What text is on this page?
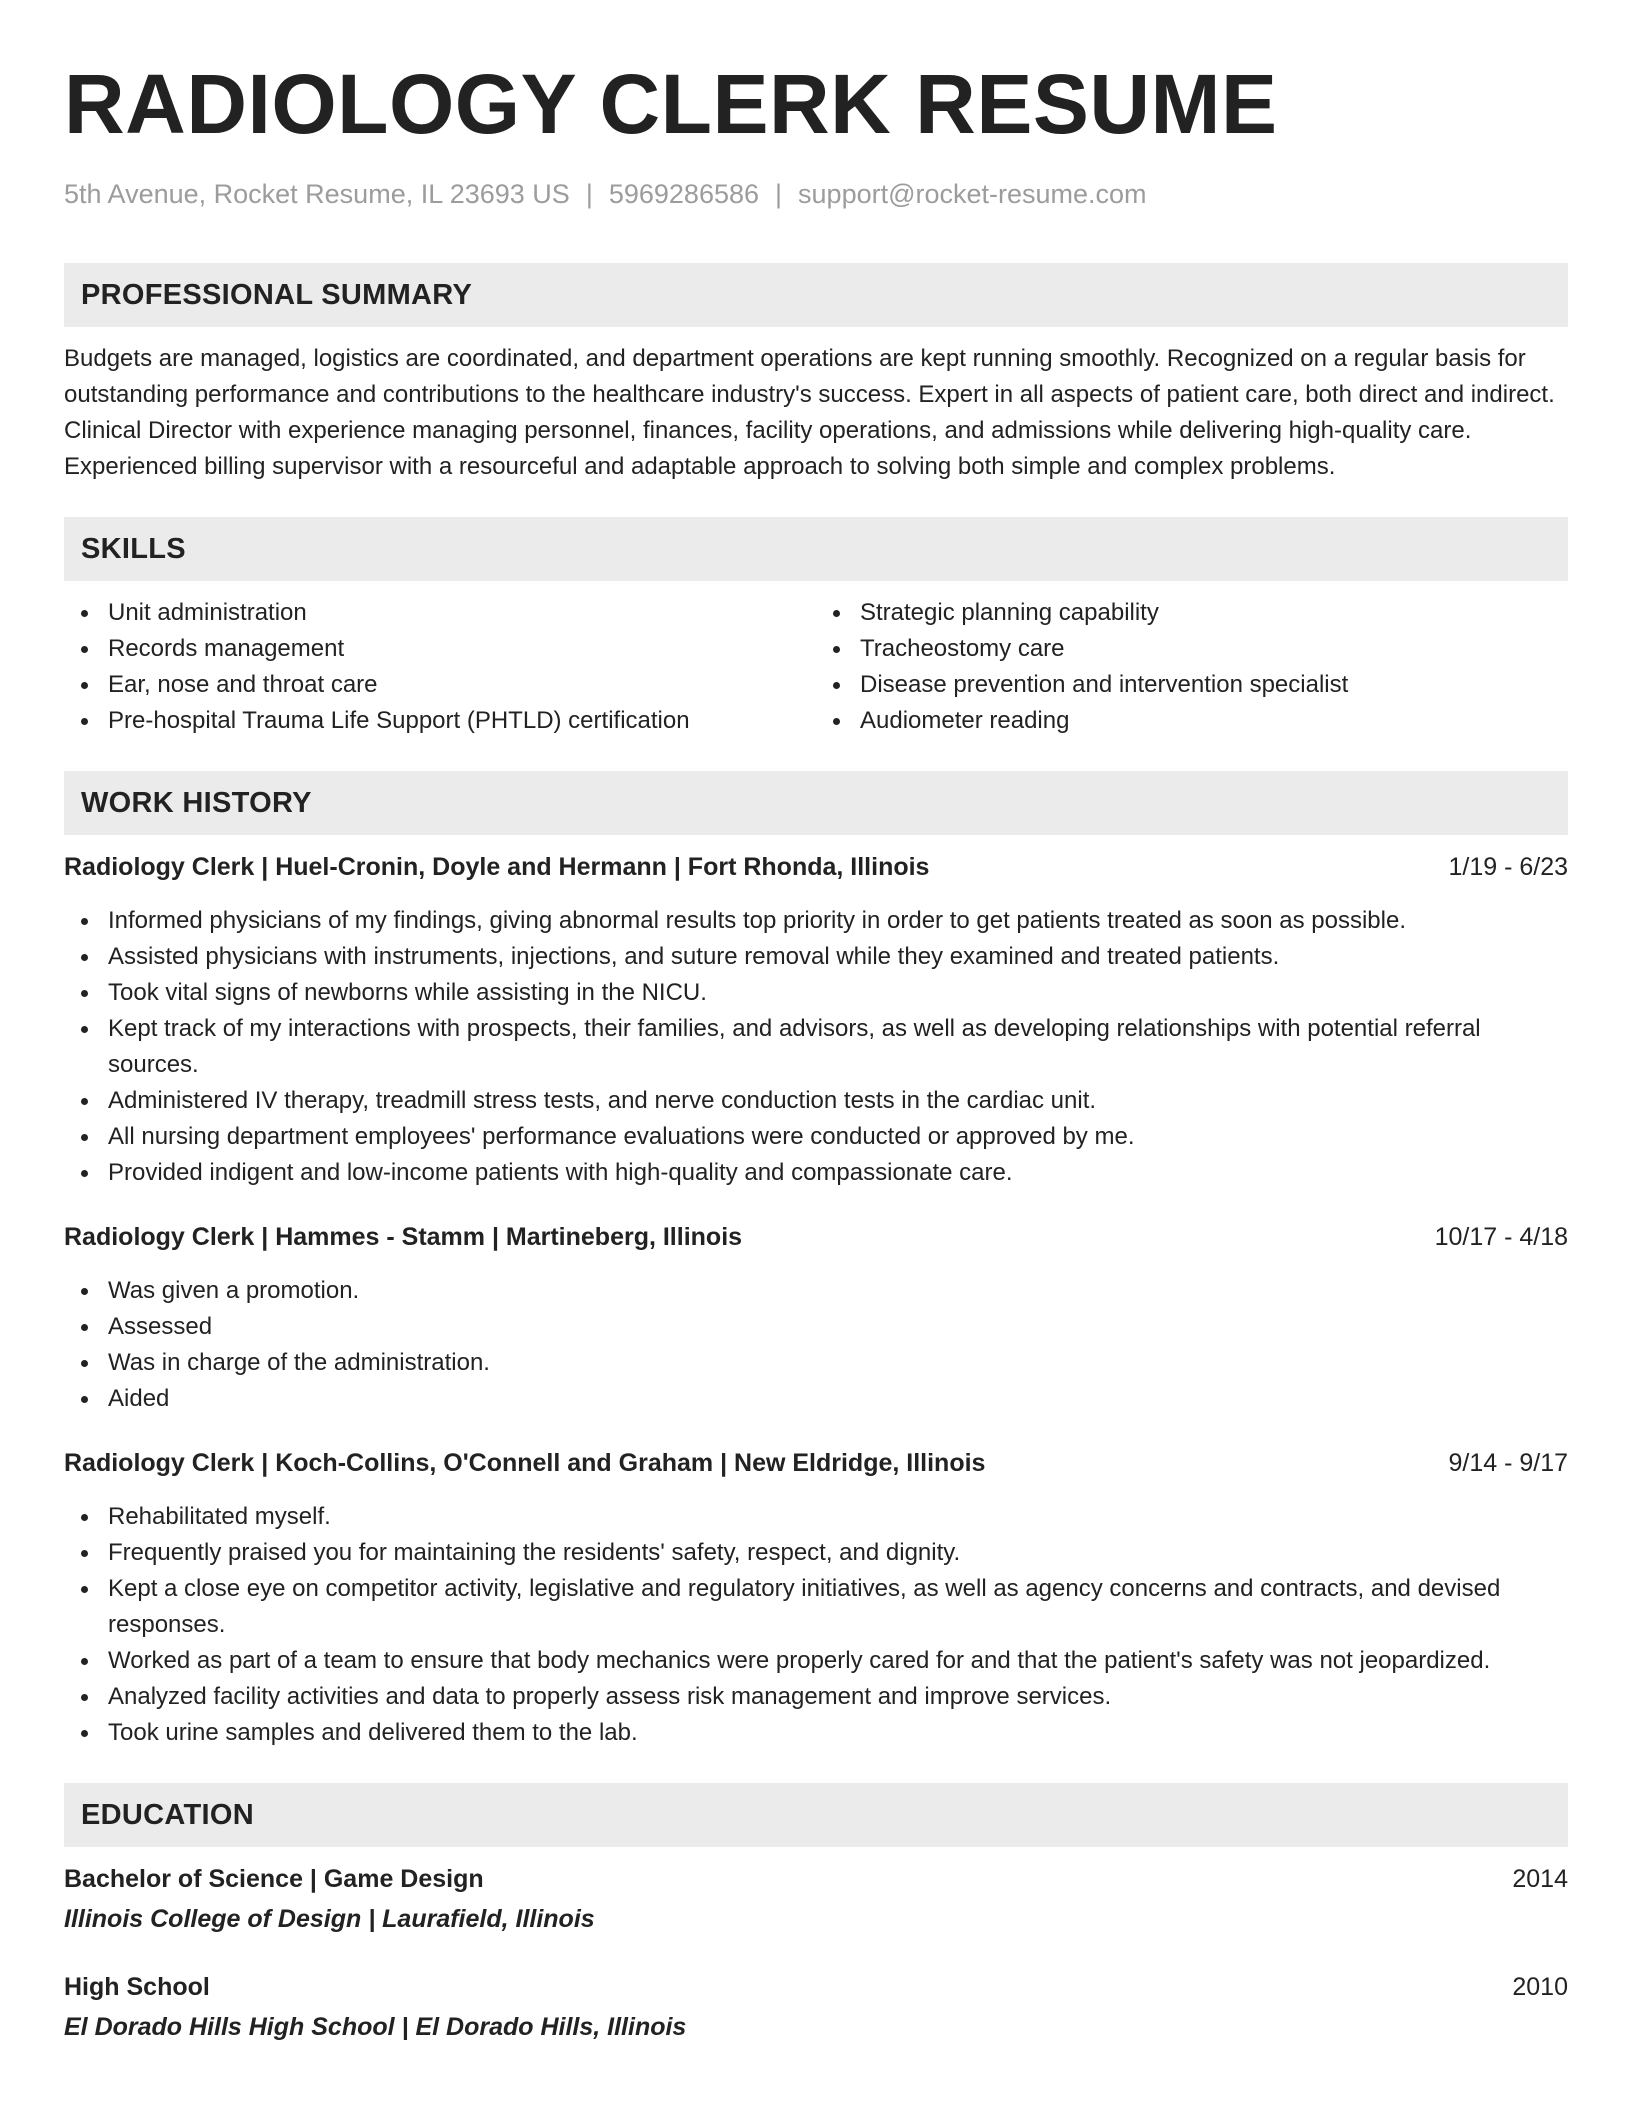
RADIOLOGY CLERK RESUME
5th Avenue, Rocket Resume, IL 23693 US | 5969286586 | support@rocket-resume.com
PROFESSIONAL SUMMARY
Budgets are managed, logistics are coordinated, and department operations are kept running smoothly. Recognized on a regular basis for outstanding performance and contributions to the healthcare industry's success. Expert in all aspects of patient care, both direct and indirect. Clinical Director with experience managing personnel, finances, facility operations, and admissions while delivering high-quality care. Experienced billing supervisor with a resourceful and adaptable approach to solving both simple and complex problems.
SKILLS
Unit administration
Records management
Ear, nose and throat care
Pre-hospital Trauma Life Support (PHTLD) certification
Strategic planning capability
Tracheostomy care
Disease prevention and intervention specialist
Audiometer reading
WORK HISTORY
Radiology Clerk | Huel-Cronin, Doyle and Hermann | Fort Rhonda, Illinois	1/19 - 6/23
Informed physicians of my findings, giving abnormal results top priority in order to get patients treated as soon as possible.
Assisted physicians with instruments, injections, and suture removal while they examined and treated patients.
Took vital signs of newborns while assisting in the NICU.
Kept track of my interactions with prospects, their families, and advisors, as well as developing relationships with potential referral sources.
Administered IV therapy, treadmill stress tests, and nerve conduction tests in the cardiac unit.
All nursing department employees' performance evaluations were conducted or approved by me.
Provided indigent and low-income patients with high-quality and compassionate care.
Radiology Clerk | Hammes - Stamm | Martineberg, Illinois	10/17 - 4/18
Was given a promotion.
Assessed
Was in charge of the administration.
Aided
Radiology Clerk | Koch-Collins, O'Connell and Graham | New Eldridge, Illinois	9/14 - 9/17
Rehabilitated myself.
Frequently praised you for maintaining the residents' safety, respect, and dignity.
Kept a close eye on competitor activity, legislative and regulatory initiatives, as well as agency concerns and contracts, and devised responses.
Worked as part of a team to ensure that body mechanics were properly cared for and that the patient's safety was not jeopardized.
Analyzed facility activities and data to properly assess risk management and improve services.
Took urine samples and delivered them to the lab.
EDUCATION
Bachelor of Science | Game Design	2014
Illinois College of Design | Laurafield, Illinois
High School	2010
El Dorado Hills High School | El Dorado Hills, Illinois
